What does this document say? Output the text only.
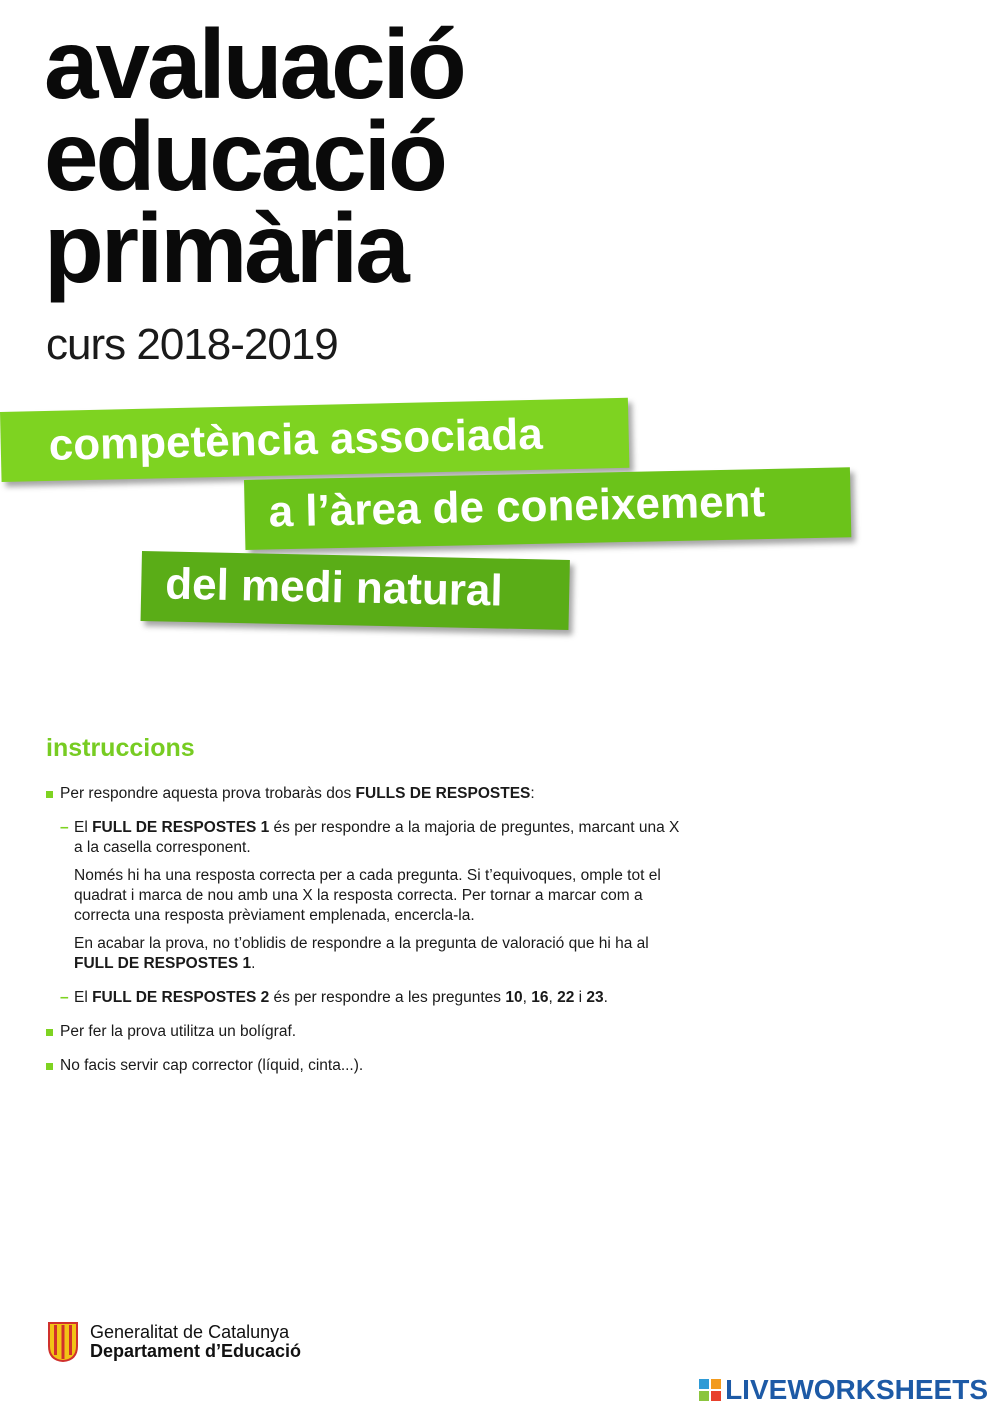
avaluació
educació
primària
curs 2018-2019
competència associada
a l’àrea de coneixement
del medi natural
instruccions
Per respondre aquesta prova trobaràs dos FULLS DE RESPOSTES:
– El FULL DE RESPOSTES 1 és per respondre a la majoria de preguntes, marcant una X a la casella corresponent.
Només hi ha una resposta correcta per a cada pregunta. Si t’equivoques, omple tot el quadrat i marca de nou amb una X la resposta correcta. Per tornar a marcar com a correcta una resposta prèviament emplenada, encercla-la.
En acabar la prova, no t’oblidis de respondre a la pregunta de valoració que hi ha al FULL DE RESPOSTES 1.
– El FULL DE RESPOSTES 2 és per respondre a les preguntes 10, 16, 22 i 23.
Per fer la prova utilitza un bolígraf.
No facis servir cap corrector (líquid, cinta...).
Generalitat de Catalunya
Departament d’Educació
LIVEWORKSHEETS
